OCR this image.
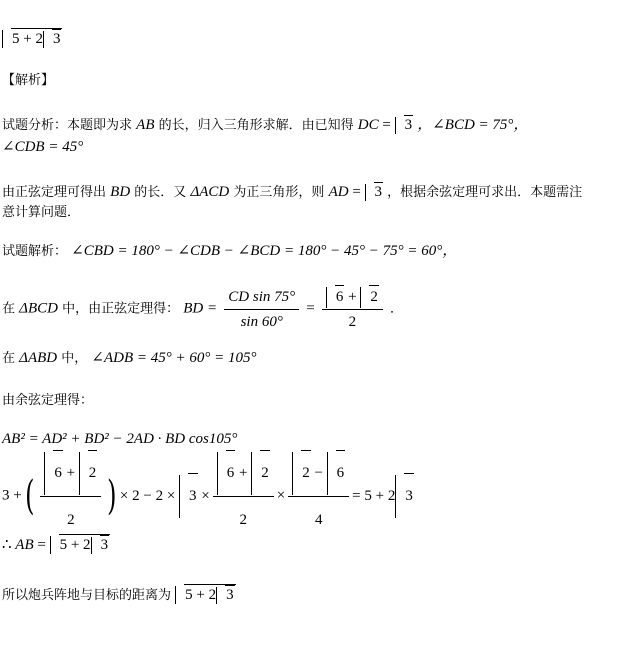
5 + 2 3
【解析】
试题分析：本题即为求 AB 的长，归入三角形求解．由已知得 DC = 3 ，∠BCD = 75°，
∠CDB = 45°
由正弦定理可得出 BD 的长．又 ΔACD 为正三角形，则 AD = 3 ，根据余弦定理可求出．本题需注
意计算问题．
试题解析： ∠CBD = 180° − ∠CDB − ∠BCD = 180° − 45° − 75° = 60°，
在 ΔBCD 中，由正弦定理得： BD = $\frac{\text{CD sin 75°}}{\sin 60^\circ} = \frac{6 + 2}{2}$ ．
在 ΔABD 中， ∠ADB = 45° + 60° = 105°
由余弦定理得：
AB² = AD² + BD² − 2AD · BD cos105°
3 +( $\frac{6 + 2}{2}$ ) × $2 - 2 \times 3 \times \frac{6 + 2}{2} \times \frac{2 - 6}{4} = 5 + 2$ 3
∴ AB = 5 + 2 3
所以炮兵阵地与目标的距离为 5 + 2 3
